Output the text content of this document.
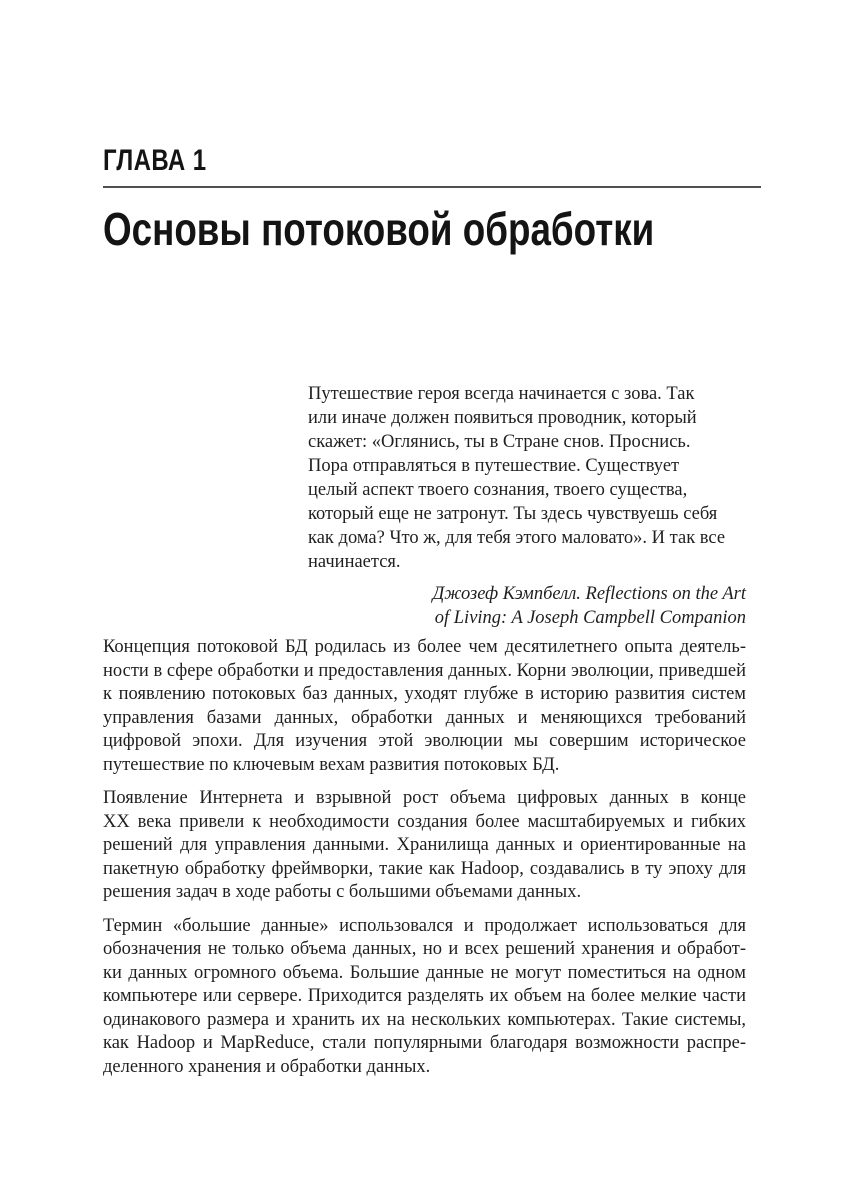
ГЛАВА 1
Основы потоковой обработки
Путешествие героя всегда начинается с зова. Так
или иначе должен появиться проводник, который
скажет: «Оглянись, ты в Стране снов. Проснись.
Пора отправляться в путешествие. Существует
целый аспект твоего сознания, твоего существа,
который еще не затронут. Ты здесь чувствуешь себя
как дома? Что ж, для тебя этого маловато». И так все
начинается.
Джозеф Кэмпбелл. Reflections on the Art
of Living: A Joseph Campbell Companion
Концепция потоковой БД родилась из более чем десятилетнего опыта деятель-
ности в сфере обработки и предоставления данных. Корни эволюции, приведшей
к появлению потоковых баз данных, уходят глубже в историю развития систем
управления базами данных, обработки данных и меняющихся требований
цифровой эпохи. Для изучения этой эволюции мы совершим историческое
путешествие по ключевым вехам развития потоковых БД.
Появление Интернета и взрывной рост объема цифровых данных в конце
XX века привели к необходимости создания более масштабируемых и гибких
решений для управления данными. Хранилища данных и ориентированные на
пакетную обработку фреймворки, такие как Hadoop, создавались в ту эпоху для
решения задач в ходе работы с большими объемами данных.
Термин «большие данные» использовался и продолжает использоваться для
обозначения не только объема данных, но и всех решений хранения и обработ-
ки данных огромного объема. Большие данные не могут поместиться на одном
компьютере или сервере. Приходится разделять их объем на более мелкие части
одинакового размера и хранить их на нескольких компьютерах. Такие системы,
как Hadoop и MapReduce, стали популярными благодаря возможности распре-
деленного хранения и обработки данных.
